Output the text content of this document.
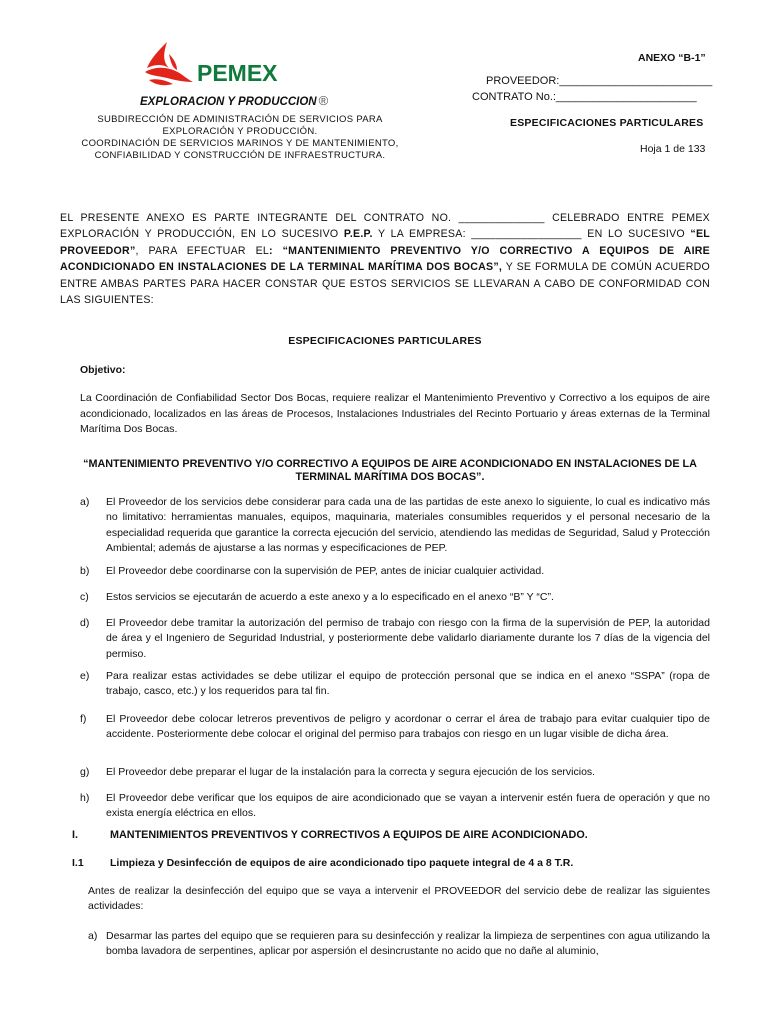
PEMEX
EXPLORACION Y PRODUCCION ®
SUBDIRECCIÓN DE ADMINISTRACIÓN DE SERVICIOS PARA
EXPLORACIÓN Y PRODUCCIÓN.
COORDINACIÓN DE SERVICIOS MARINOS Y DE MANTENIMIENTO,
CONFIABILIDAD Y CONSTRUCCIÓN DE INFRAESTRUCTURA.
ANEXO “B-1”
PROVEEDOR:_________________________
CONTRATO No.:_______________________
ESPECIFICACIONES PARTICULARES
Hoja 1 de 133
EL PRESENTE ANEXO ES PARTE INTEGRANTE DEL CONTRATO NO. ______________ CELEBRADO ENTRE PEMEX EXPLORACIÓN Y PRODUCCIÓN, EN LO SUCESIVO P.E.P. Y LA EMPRESA: __________________ EN LO SUCESIVO “EL PROVEEDOR”, PARA EFECTUAR EL: “MANTENIMIENTO PREVENTIVO Y/O CORRECTIVO A EQUIPOS DE AIRE ACONDICIONADO EN INSTALACIONES DE LA TERMINAL MARÍTIMA DOS BOCAS”, Y SE FORMULA DE COMÚN ACUERDO ENTRE AMBAS PARTES PARA HACER CONSTAR QUE ESTOS SERVICIOS SE LLEVARAN A CABO DE CONFORMIDAD CON LAS SIGUIENTES:
ESPECIFICACIONES PARTICULARES
Objetivo:
La Coordinación de Confiabilidad Sector Dos Bocas, requiere realizar el Mantenimiento Preventivo y Correctivo a los equipos de aire acondicionado, localizados en las áreas de Procesos, Instalaciones Industriales del Recinto Portuario y áreas externas de la Terminal Marítima Dos Bocas.
“MANTENIMIENTO PREVENTIVO Y/O CORRECTIVO A EQUIPOS DE AIRE ACONDICIONADO EN INSTALACIONES DE LA TERMINAL MARÍTIMA DOS BOCAS”.
a)	El Proveedor de los servicios debe considerar para cada una de las partidas de este anexo lo siguiente, lo cual es indicativo más no limitativo: herramientas manuales, equipos, maquinaria, materiales consumibles requeridos y el personal necesario de la especialidad requerida que garantice la correcta ejecución del servicio, atendiendo las medidas de Seguridad, Salud y Protección Ambiental; además de ajustarse a las normas y especificaciones de PEP.
b)	El Proveedor debe coordinarse con la supervisión de PEP, antes de iniciar cualquier actividad.
c)	Estos servicios se ejecutarán de acuerdo a este anexo y a lo especificado en el anexo “B” Y “C”.
d)	El Proveedor debe tramitar la autorización del permiso de trabajo con riesgo con la firma de la supervisión de PEP, la autoridad de área y el Ingeniero de Seguridad Industrial, y posteriormente debe validarlo diariamente durante los 7 días de la vigencia del permiso.
e)	Para realizar estas actividades se debe utilizar el equipo de protección personal que se indica en el anexo “SSPA” (ropa de trabajo, casco, etc.) y los requeridos para tal fin.
f)	El Proveedor debe colocar letreros preventivos de peligro y acordonar o cerrar el área de trabajo para evitar cualquier tipo de accidente. Posteriormente debe colocar el original del permiso para trabajos con riesgo en un lugar visible de dicha área.
g)	El Proveedor debe preparar el lugar de la instalación para la correcta y segura ejecución de los servicios.
h)	El Proveedor debe verificar que los equipos de aire acondicionado que se vayan a intervenir estén fuera de operación y que no exista energía eléctrica en ellos.
I.	MANTENIMIENTOS PREVENTIVOS Y CORRECTIVOS A EQUIPOS DE AIRE ACONDICIONADO.
I.1	Limpieza y Desinfección de equipos de aire acondicionado tipo paquete integral de 4 a 8 T.R.
Antes de realizar la desinfección del equipo que se vaya a intervenir el PROVEEDOR del servicio debe de realizar las siguientes actividades:
a) Desarmar las partes del equipo que se requieren para su desinfección y realizar la limpieza de serpentines con agua utilizando la bomba lavadora de serpentines, aplicar por aspersión el desincrustante no acido que no dañe al aluminio,
